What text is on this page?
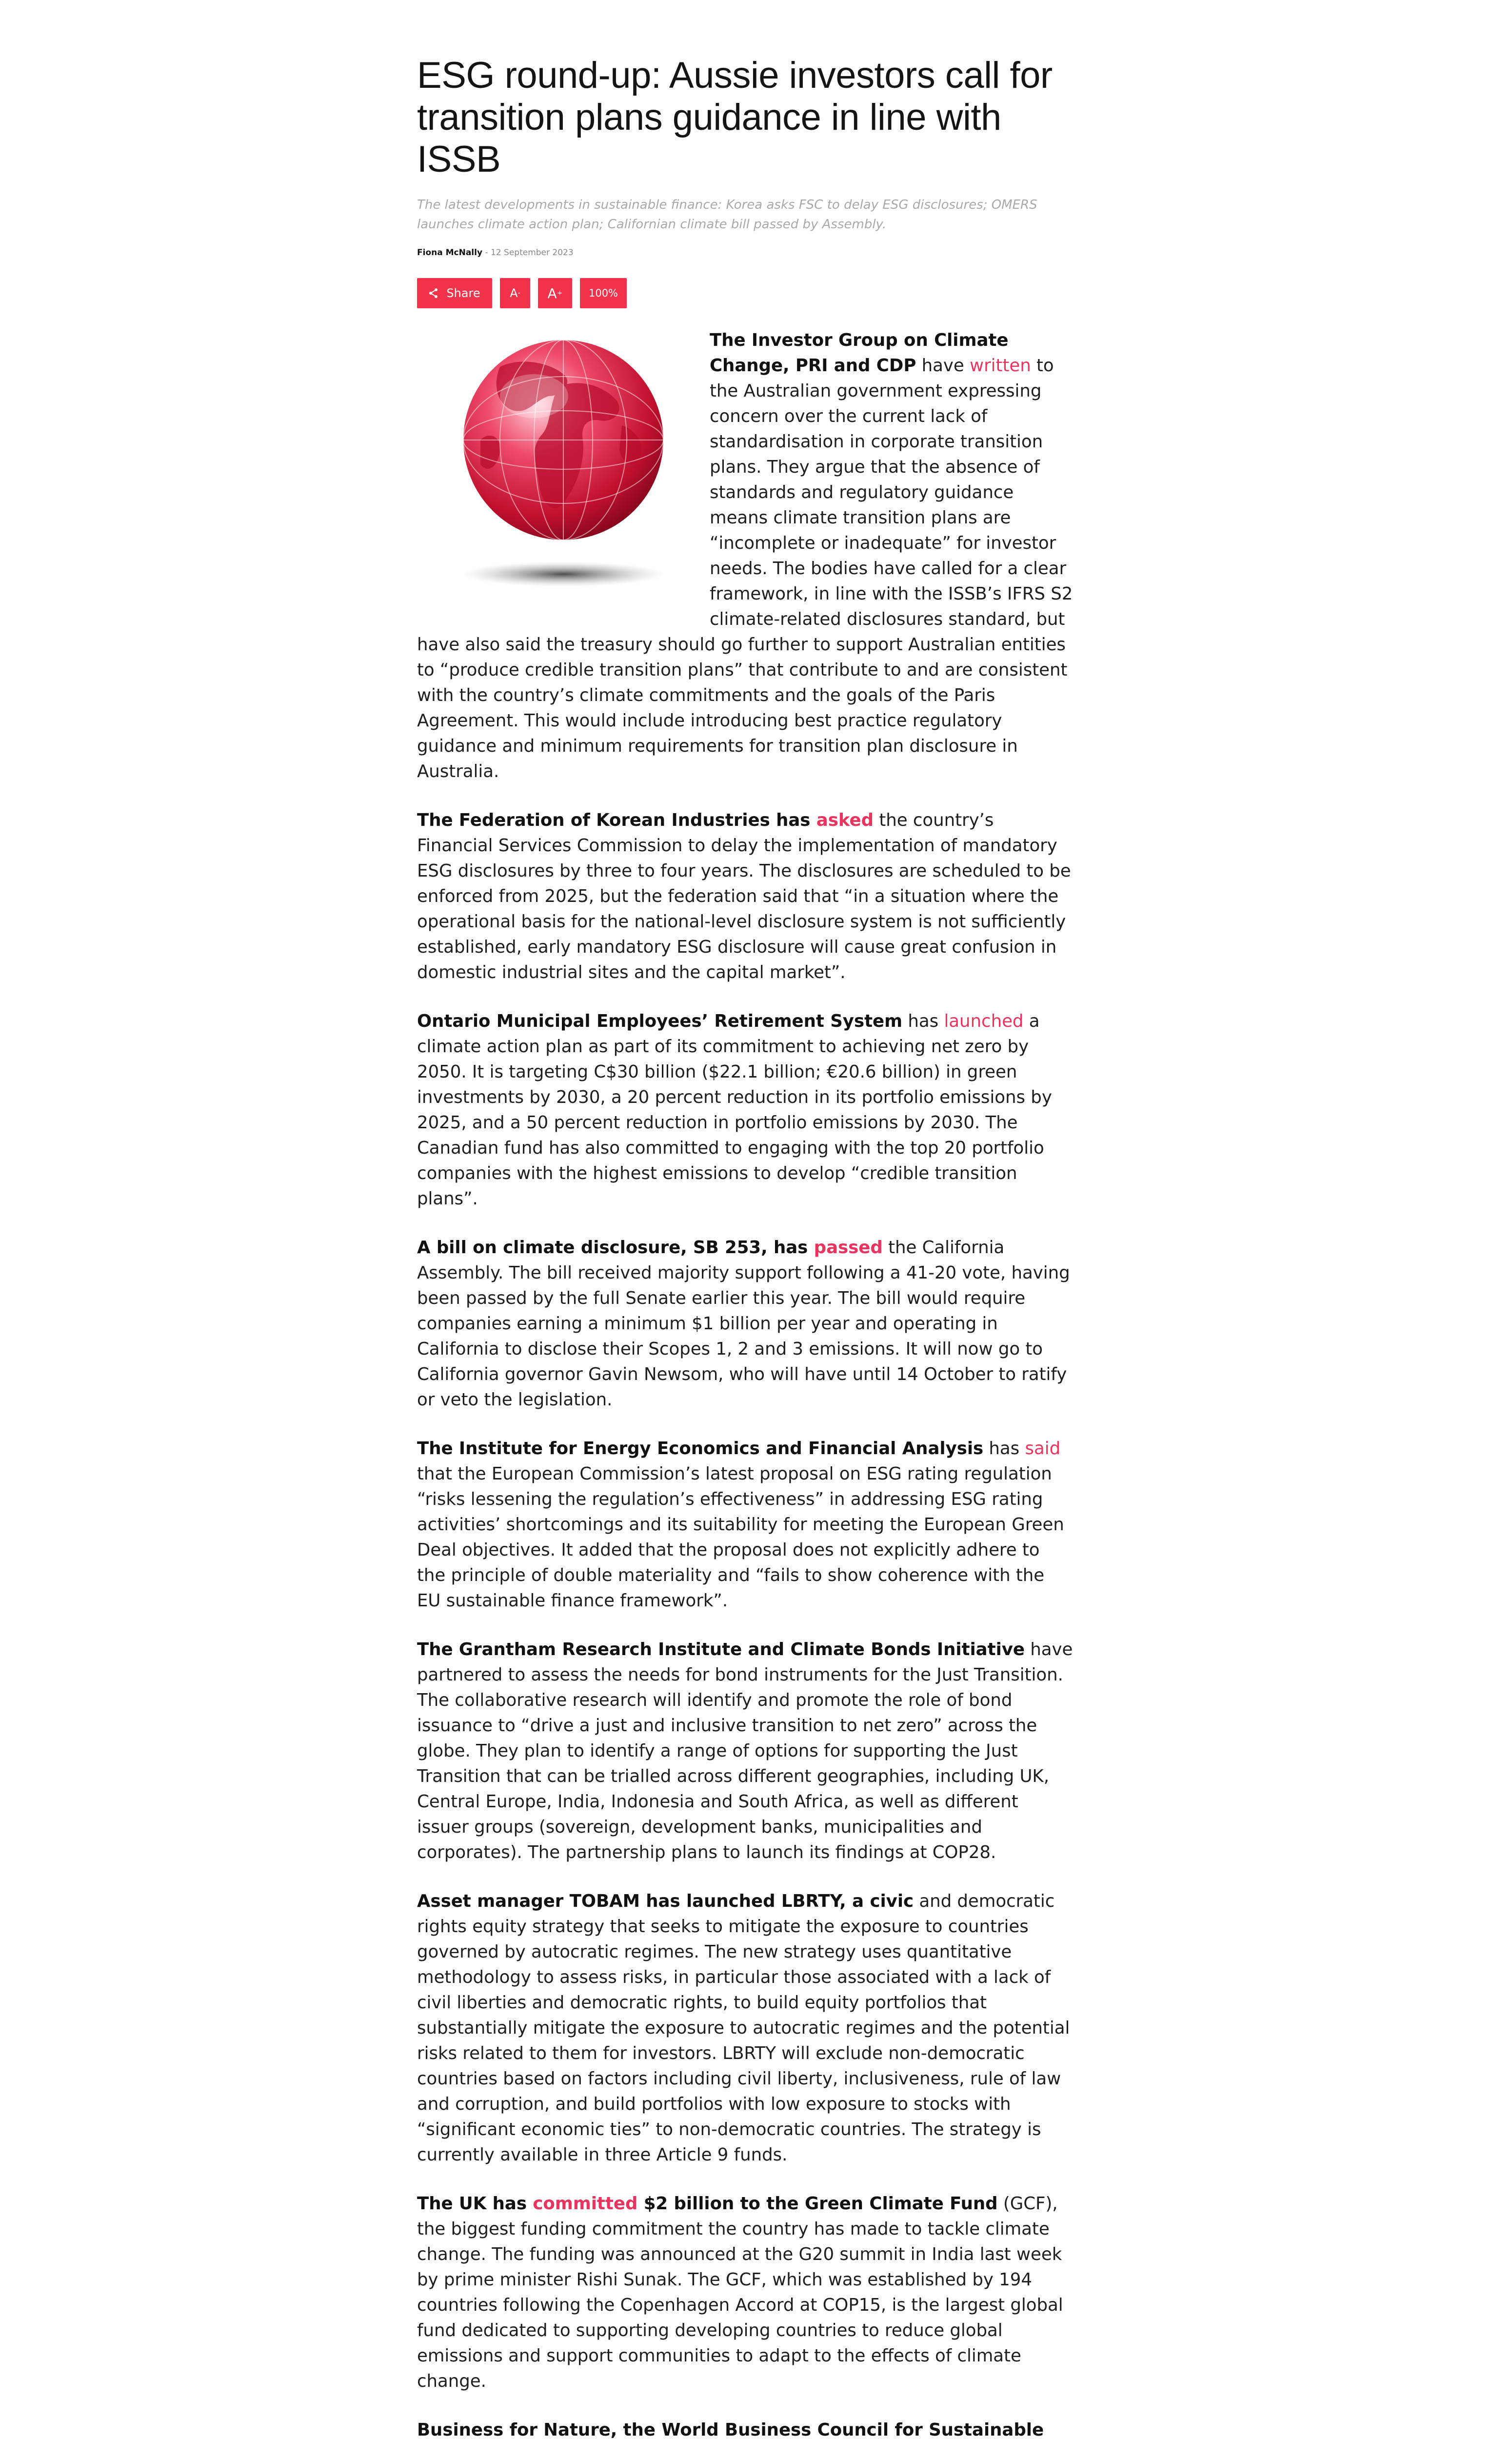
ESG round-up: Aussie investors call for transition plans guidance in line with ISSB
The latest developments in sustainable finance: Korea asks FSC to delay ESG disclosures; OMERS launches climate action plan; Californian climate bill passed by Assembly.
Fiona McNally - 12 September 2023
Share	A - A +	100%

The Investor Group on Climate Change, PRI and CDP have written to the Australian government expressing concern over the current lack of standardisation in corporate transition plans. They argue that the absence of standards and regulatory guidance means climate transition plans are “incomplete or inadequate” for investor needs. The bodies have called for a clear framework, in line with the ISSB’s IFRS S2 climate-related disclosures standard, but have also said the treasury should go further to support Australian entities to “produce credible transition plans” that contribute to and are consistent with the country’s climate commitments and the goals of the Paris Agreement. This would include introducing best practice regulatory guidance and minimum requirements for transition plan disclosure in Australia.

The Federation of Korean Industries has asked the country’s Financial Services Commission to delay the implementation of mandatory ESG disclosures by three to four years. The disclosures are scheduled to be enforced from 2025, but the federation said that “in a situation where the operational basis for the national-level disclosure system is not sufficiently established, early mandatory ESG disclosure will cause great confusion in domestic industrial sites and the capital market”.

Ontario Municipal Employees’ Retirement System has launched a climate action plan as part of its commitment to achieving net zero by 2050. It is targeting C$30 billion ($22.1 billion; €20.6 billion) in green investments by 2030, a 20 percent reduction in its portfolio emissions by 2025, and a 50 percent reduction in portfolio emissions by 2030. The Canadian fund has also committed to engaging with the top 20 portfolio companies with the highest emissions to develop “credible transition plans”.

A bill on climate disclosure, SB 253, has passed the California Assembly. The bill received majority support following a 41-20 vote, having been passed by the full Senate earlier this year. The bill would require companies earning a minimum $1 billion per year and operating in California to disclose their Scopes 1, 2 and 3 emissions. It will now go to California governor Gavin Newsom, who will have until 14 October to ratify or veto the legislation.

The Institute for Energy Economics and Financial Analysis has said that the European Commission’s latest proposal on ESG rating regulation “risks lessening the regulation’s effectiveness” in addressing ESG rating activities’ shortcomings and its suitability for meeting the European Green Deal objectives. It added that the proposal does not explicitly adhere to the principle of double materiality and “fails to show coherence with the EU sustainable finance framework”.

The Grantham Research Institute and Climate Bonds Initiative have partnered to assess the needs for bond instruments for the Just Transition. The collaborative research will identify and promote the role of bond issuance to “drive a just and inclusive transition to net zero” across the globe. They plan to identify a range of options for supporting the Just Transition that can be trialled across different geographies, including UK, Central Europe, India, Indonesia and South Africa, as well as different issuer groups (sovereign, development banks, municipalities and corporates). The partnership plans to launch its findings at COP28.

Asset manager TOBAM has launched LBRTY, a civic and democratic rights equity strategy that seeks to mitigate the exposure to countries governed by autocratic regimes. The new strategy uses quantitative methodology to assess risks, in particular those associated with a lack of civil liberties and democratic rights, to build equity portfolios that substantially mitigate the exposure to autocratic regimes and the potential risks related to them for investors. LBRTY will exclude non-democratic countries based on factors including civil liberty, inclusiveness, rule of law and corruption, and build portfolios with low exposure to stocks with “significant economic ties” to non-democratic countries. The strategy is currently available in three Article 9 funds.

The UK has committed $2 billion to the Green Climate Fund (GCF), the biggest funding commitment the country has made to tackle climate change. The funding was announced at the G20 summit in India last week by prime minister Rishi Sunak. The GCF, which was established by 194 countries following the Copenhagen Accord at COP15, is the largest global fund dedicated to supporting developing countries to reduce global emissions and support communities to adapt to the effects of climate change.

Business for Nature, the World Business Council for Sustainable
